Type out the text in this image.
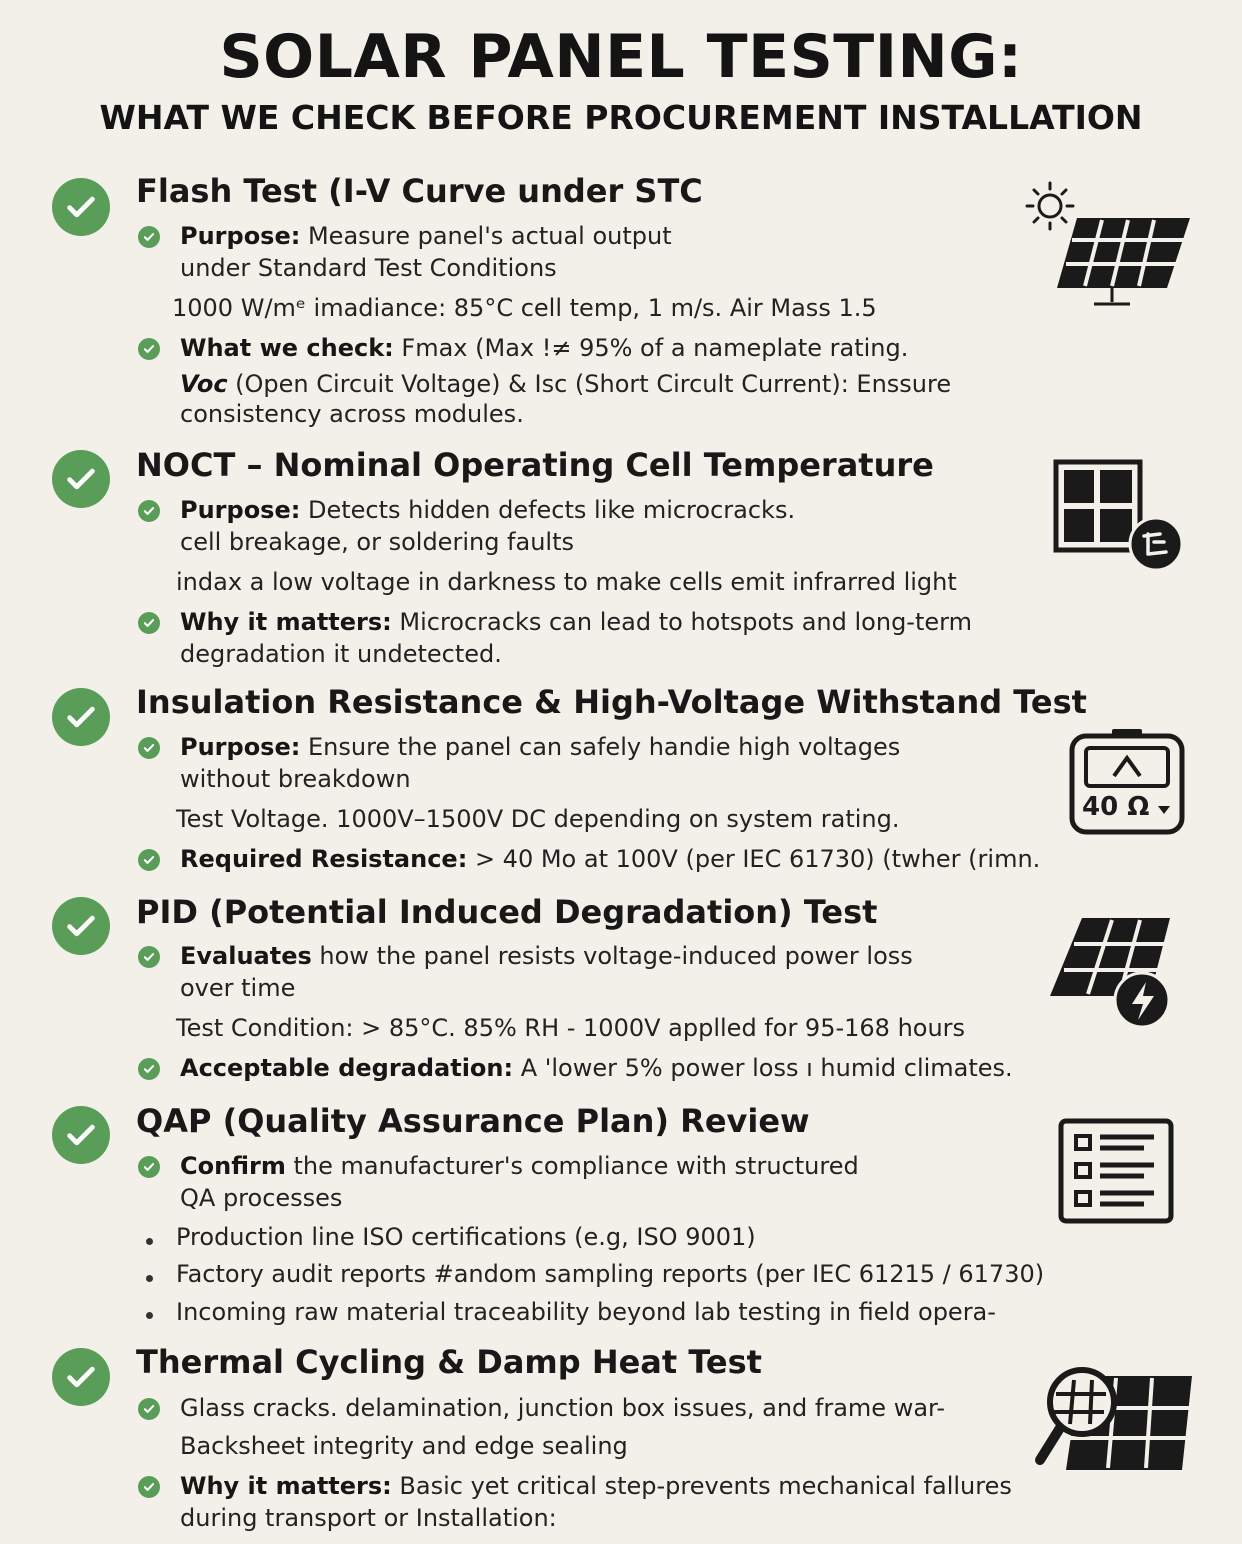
SOLAR PANEL TESTING:
WHAT WE CHECK BEFORE PROCUREMENT INSTALLATION
Flash Test (I-V Curve under STC
Purpose: Measure panel's actual output
under Standard Test Conditions
1000 W/mᵉ imadiance: 85°C cell temp, 1 m/s. Air Mass 1.5
What we check: Fmax (Max !≠ 95% of a nameplate rating.
Voc (Open Circuit Voltage) & Isc (Short Circult Current): Enssure
consistency across modules.
NOCT – Nominal Operating Cell Temperature
Purpose: Detects hidden defects like microcracks.
cell breakage, or soldering faults
indax a low voltage in darkness to make cells emit infrarred light
Why it matters: Microcracks can lead to hotspots and long-term
degradation it undetected.
Insulation Resistance & High-Voltage Withstand Test
Purpose: Ensure the panel can safely handie high voltages
without breakdown
Test Voltage. 1000V–1500V DC depending on system rating.
Required Resistance: > 40 Mo at 100V (per IEC 61730) (twher (rimn.
40 Ω
PID (Potential Induced Degradation) Test
Evaluates how the panel resists voltage-induced power loss
over time
Test Condition: > 85°C. 85% RH - 1000V applled for 95-168 hours
Acceptable degradation: A 'lower 5% power loss ı humid climates.
QAP (Quality Assurance Plan) Review
Confirm the manufacturer's compliance with structured
QA processes
Production line ISO certifications (e.g, ISO 9001)
Factory audit reports #andom sampling reports (per IEC 61215 / 61730)
Incoming raw material traceability beyond lab testing in field opera-
Thermal Cycling & Damp Heat Test
Glass cracks. delamination, junction box issues, and frame war-
Backsheet integrity and edge sealing
Why it matters: Basic yet critical step-prevents mechanical fallures
during transport or Installation:
